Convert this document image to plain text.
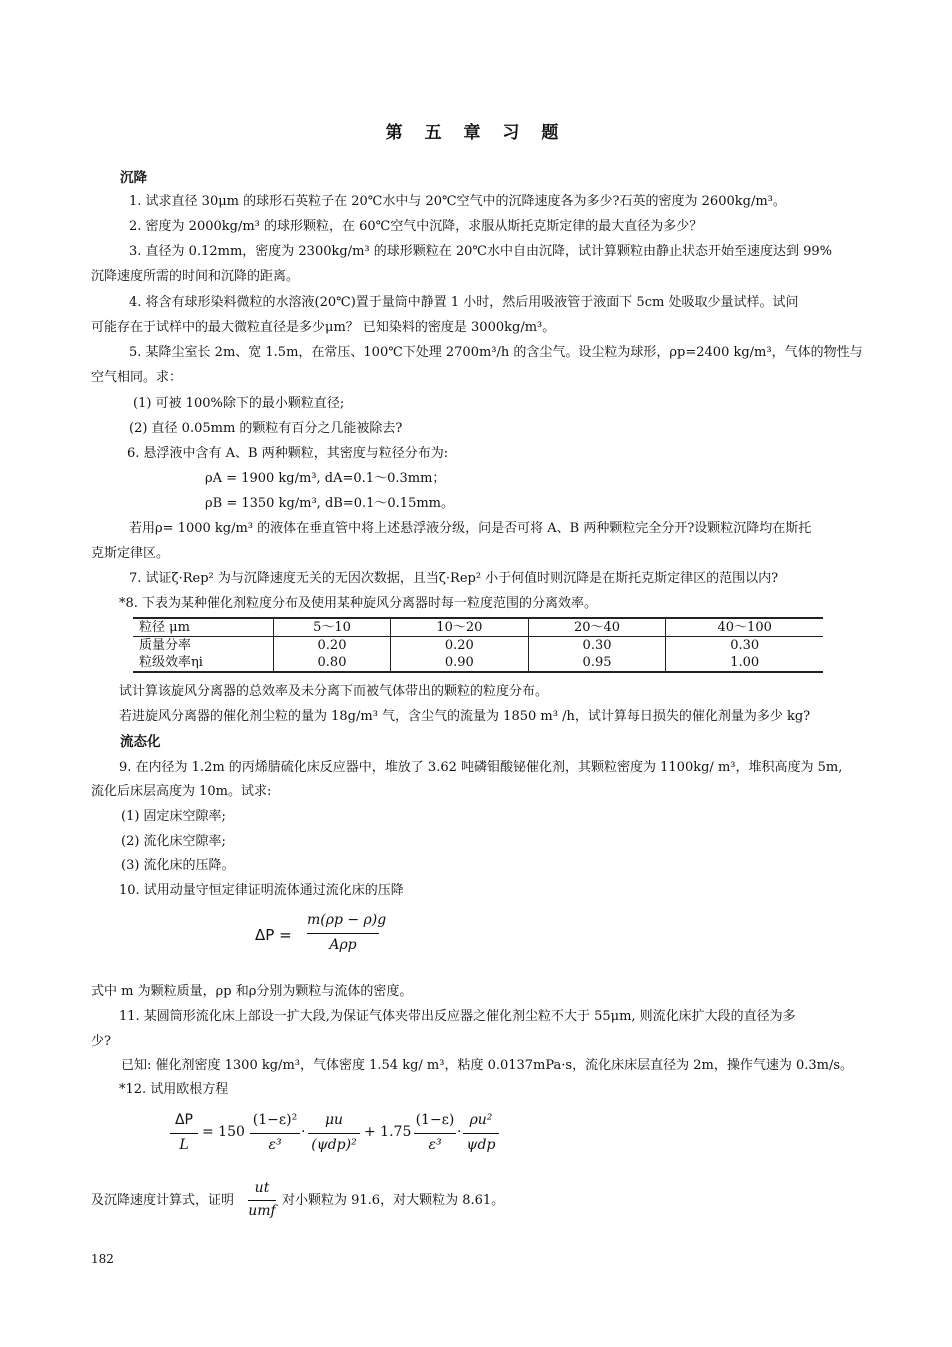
第 五 章 习 题
沉降
1. 试求直径 30μm 的球形石英粒子在 20℃水中与 20℃空气中的沉降速度各为多少?石英的密度为 2600kg/m³。
2. 密度为 2000kg/m³ 的球形颗粒，在 60℃空气中沉降，求服从斯托克斯定律的最大直径为多少？
3. 直径为 0.12mm，密度为 2300kg/m³ 的球形颗粒在 20℃水中自由沉降，试计算颗粒由静止状态开始至速度达到 99%
沉降速度所需的时间和沉降的距离。
4. 将含有球形染料微粒的水溶液(20℃)置于量筒中静置 1 小时，然后用吸液管于液面下 5cm 处吸取少量试样。试问
可能存在于试样中的最大微粒直径是多少μm？ 已知染料的密度是 3000kg/m³。
5. 某降尘室长 2m、宽 1.5m，在常压、100℃下处理 2700m³/h 的含尘气。设尘粒为球形，ρp=2400 kg/m³，气体的物性与
空气相同。求：
(1) 可被 100%除下的最小颗粒直径;
(2) 直径 0.05mm 的颗粒有百分之几能被除去?
6. 悬浮液中含有 A、B 两种颗粒，其密度与粒径分布为:
ρA = 1900 kg/m³, dA=0.1～0.3mm；
ρB = 1350 kg/m³, dB=0.1～0.15mm。
若用ρ= 1000 kg/m³ 的液体在垂直管中将上述悬浮液分级，问是否可将 A、B 两种颗粒完全分开?设颗粒沉降均在斯托
克斯定律区。
7. 试证ζ·Rep² 为与沉降速度无关的无因次数据，且当ζ·Rep² 小于何值时则沉降是在斯托克斯定律区的范围以内?
*8. 下表为某种催化剂粒度分布及使用某种旋风分离器时每一粒度范围的分离效率。
粒径 μm	5～10	10～20	20～40	40～100
质量分率	0.20	0.20	0.30	0.30
粒级效率ηi	0.80	0.90	0.95	1.00
试计算该旋风分离器的总效率及未分离下而被气体带出的颗粒的粒度分布。
若进旋风分离器的催化剂尘粒的量为 18g/m³ 气，含尘气的流量为 1850 m³ /h，试计算每日损失的催化剂量为多少 kg?
流态化
9. 在内径为 1.2m 的丙烯腈硫化床反应器中，堆放了 3.62 吨磷钼酸铋催化剂，其颗粒密度为 1100kg/ m³，堆积高度为 5m,
流化后床层高度为 10m。试求:
(1) 固定床空隙率;
(2) 流化床空隙率;
(3) 流化床的压降。
10. 试用动量守恒定律证明流体通过流化床的压降
ΔP =
m(ρp − ρ)g
Aρp
式中 m 为颗粒质量，ρp 和ρ分别为颗粒与流体的密度。
11. 某圆筒形流化床上部设一扩大段,为保证气体夹带出反应器之催化剂尘粒不大于 55μm, 则流化床扩大段的直径为多
少?
已知: 催化剂密度 1300 kg/m³，气体密度 1.54 kg/ m³，粘度 0.0137mPa·s，流化床床层直径为 2m，操作气速为 0.3m/s。
*12. 试用欧根方程
ΔP
L
= 150
(1−ε)²
ε³
·
μu
(ψdp)²
+ 1.75
(1−ε)
ε³
·
ρu²
ψdp
及沉降速度计算式，证明
ut
umf
对小颗粒为 91.6，对大颗粒为 8.61。
182
